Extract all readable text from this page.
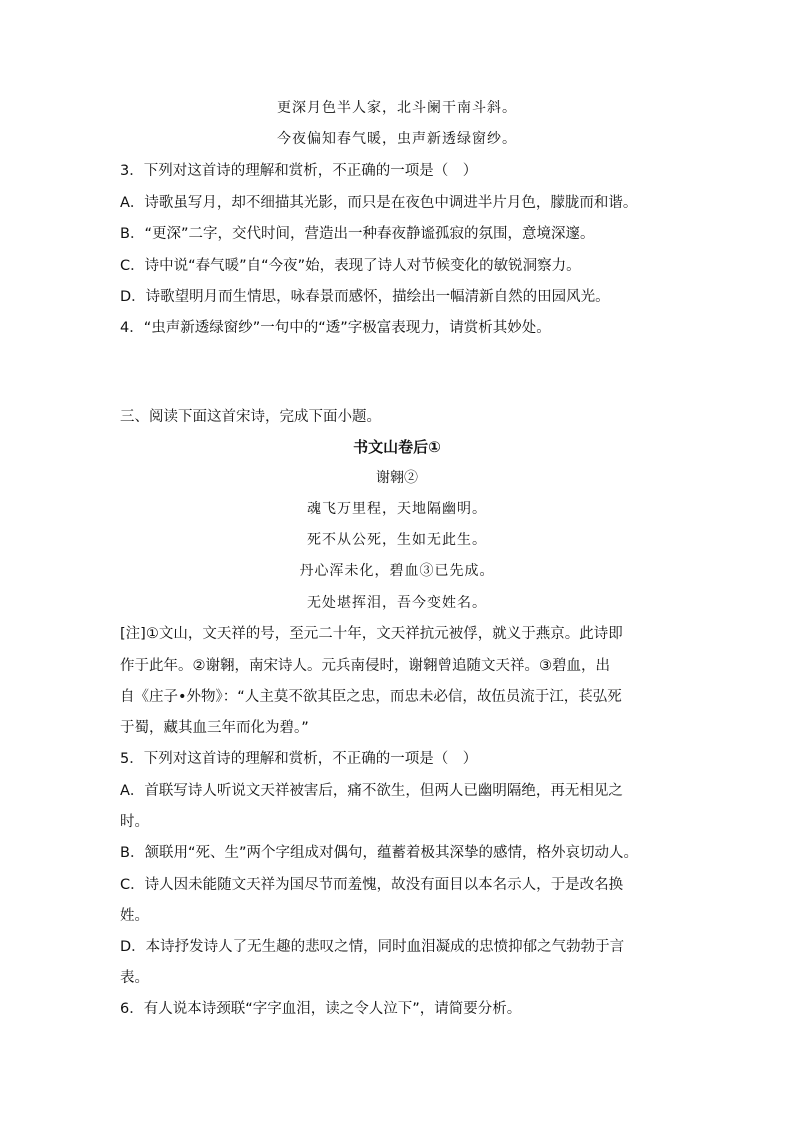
更深月色半人家，北斗阑干南斗斜。
今夜偏知春气暖，虫声新透绿窗纱。
3．下列对这首诗的理解和赏析，不正确的一项是（　）
A．诗歌虽写月，却不细描其光影，而只是在夜色中调进半片月色，朦胧而和谐。
B．“更深”二字，交代时间，营造出一种春夜静谧孤寂的氛围，意境深邃。
C．诗中说“春气暖”自“今夜”始，表现了诗人对节候变化的敏锐洞察力。
D．诗歌望明月而生情思，咏春景而感怀，描绘出一幅清新自然的田园风光。
4．“虫声新透绿窗纱”一句中的“透”字极富表现力，请赏析其妙处。
三、阅读下面这首宋诗，完成下面小题。
书文山卷后①
谢翱②
魂飞万里程，天地隔幽明。
死不从公死，生如无此生。
丹心浑未化，碧血③已先成。
无处堪挥泪，吾今变姓名。
[注]①文山，文天祥的号，至元二十年，文天祥抗元被俘，就义于燕京。此诗即
作于此年。②谢翱，南宋诗人。元兵南侵时，谢翱曾追随文天祥。③碧血，出
自《庄子•外物》：“人主莫不欲其臣之忠，而忠未必信，故伍员流于江，苌弘死
于蜀，藏其血三年而化为碧。”
5．下列对这首诗的理解和赏析，不正确的一项是（　）
A．首联写诗人听说文天祥被害后，痛不欲生，但两人已幽明隔绝，再无相见之
时。
B．颔联用“死、生”两个字组成对偶句，蕴蓄着极其深挚的感情，格外哀切动人。
C．诗人因未能随文天祥为国尽节而羞愧，故没有面目以本名示人，于是改名换
姓。
D．本诗抒发诗人了无生趣的悲叹之情，同时血泪凝成的忠愤抑郁之气勃勃于言
表。
6．有人说本诗颈联“字字血泪，读之令人泣下”，请简要分析。
